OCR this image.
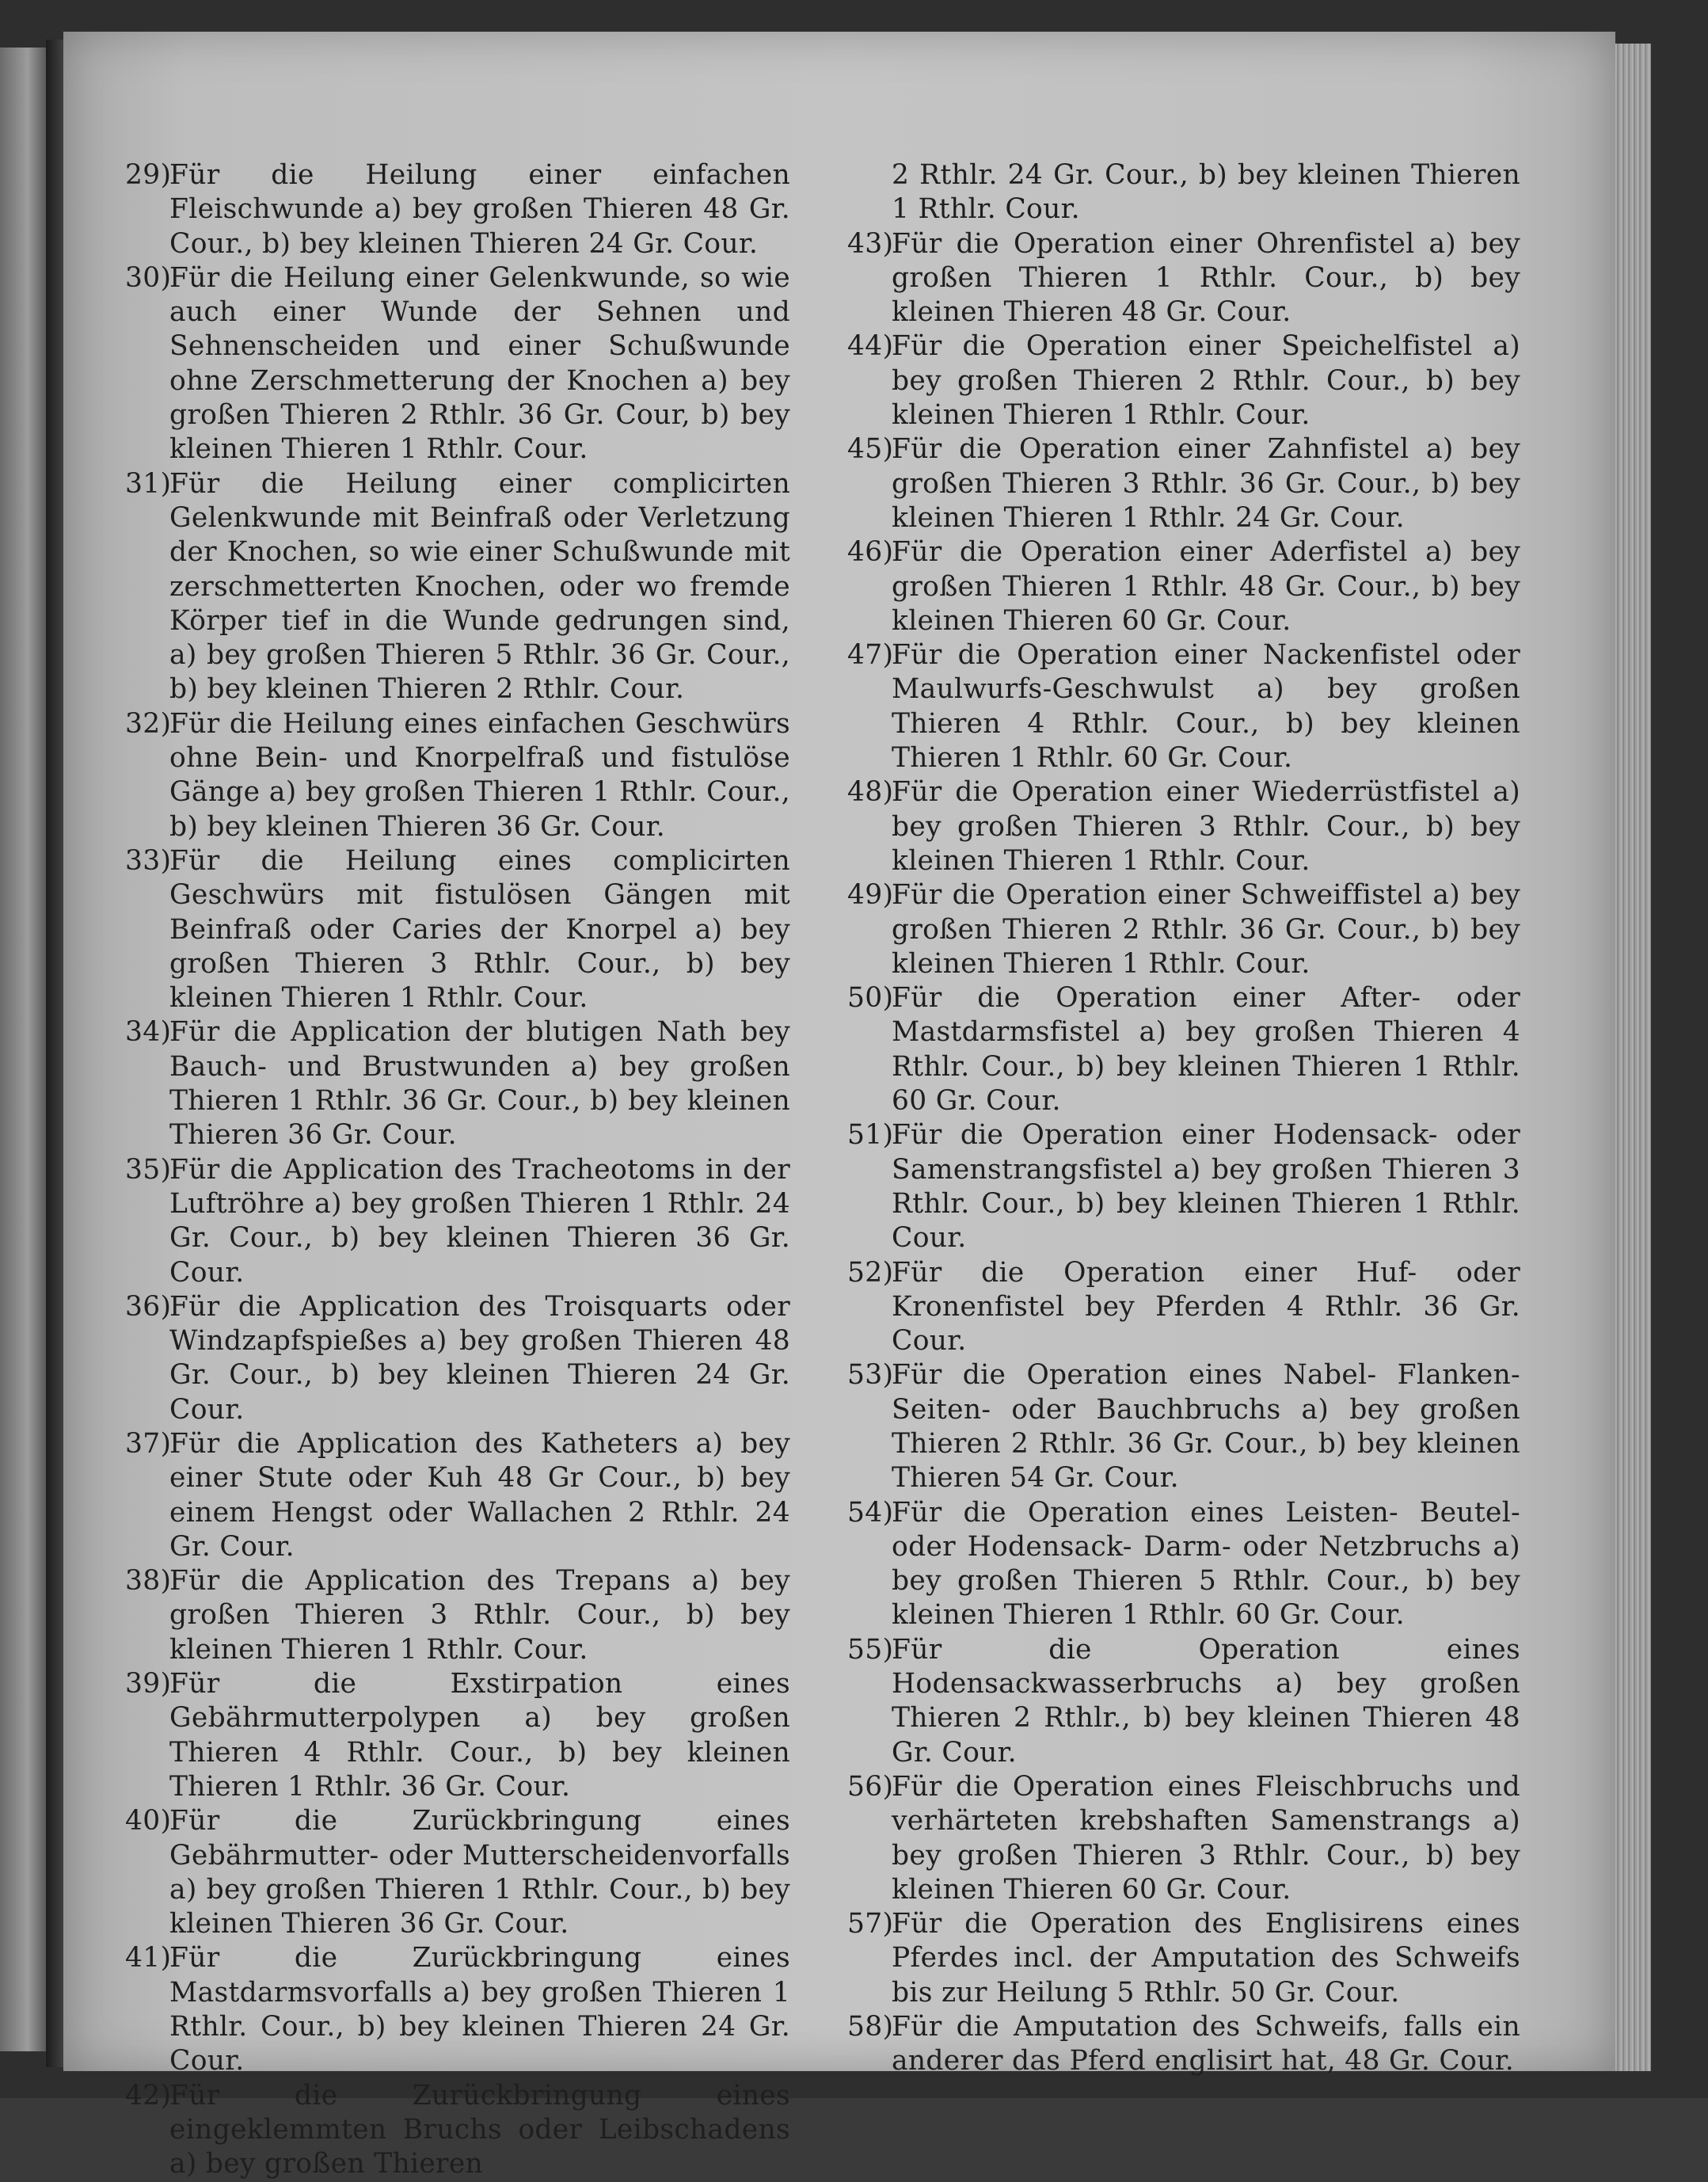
29)Für die Heilung einer einfachen Fleischwunde a) bey großen Thieren 48 Gr. Cour., b) bey kleinen Thieren 24 Gr. Cour.

30)Für die Heilung einer Gelenkwunde, so wie auch einer Wunde der Sehnen und Sehnenscheiden und einer Schußwunde ohne Zerschmetterung der Knochen a) bey großen Thieren 2 Rthlr. 36 Gr. Cour, b) bey kleinen Thieren 1 Rthlr. Cour.

31)Für die Heilung einer complicirten Gelenkwunde mit Beinfraß oder Verletzung der Knochen, so wie einer Schußwunde mit zerschmetterten Knochen, oder wo fremde Körper tief in die Wunde gedrungen sind, a) bey großen Thieren 5 Rthlr. 36 Gr. Cour., b) bey kleinen Thieren 2 Rthlr. Cour.

32)Für die Heilung eines einfachen Geschwürs ohne Bein- und Knorpelfraß und fistulöse Gänge a) bey großen Thieren 1 Rthlr. Cour., b) bey kleinen Thieren 36 Gr. Cour.

33)Für die Heilung eines complicirten Geschwürs mit fistulösen Gängen mit Beinfraß oder Caries der Knorpel a) bey großen Thieren 3 Rthlr. Cour., b) bey kleinen Thieren 1 Rthlr. Cour.

34)Für die Application der blutigen Nath bey Bauch- und Brustwunden a) bey großen Thieren 1 Rthlr. 36 Gr. Cour., b) bey kleinen Thieren 36 Gr. Cour.

35)Für die Application des Tracheotoms in der Luftröhre a) bey großen Thieren 1 Rthlr. 24 Gr. Cour., b) bey kleinen Thieren 36 Gr. Cour.

36)Für die Application des Troisquarts oder Windzapfspießes a) bey großen Thieren 48 Gr. Cour., b) bey kleinen Thieren 24 Gr. Cour.

37)Für die Application des Katheters a) bey einer Stute oder Kuh 48 Gr Cour., b) bey einem Hengst oder Wallachen 2 Rthlr. 24 Gr. Cour.

38)Für die Application des Trepans a) bey großen Thieren 3 Rthlr. Cour., b) bey kleinen Thieren 1 Rthlr. Cour.

39)Für die Exstirpation eines Gebährmutterpolypen a) bey großen Thieren 4 Rthlr. Cour., b) bey kleinen Thieren 1 Rthlr. 36 Gr. Cour.

40)Für die Zurückbringung eines Gebährmutter- oder Mutterscheidenvorfalls a) bey großen Thieren 1 Rthlr. Cour., b) bey kleinen Thieren 36 Gr. Cour.

41)Für die Zurückbringung eines Mastdarmsvorfalls a) bey großen Thieren 1 Rthlr. Cour., b) bey kleinen Thieren 24 Gr. Cour.

42)Für die Zurückbringung eines eingeklemmten Bruchs oder Leibschadens a) bey großen Thieren

2 Rthlr. 24 Gr. Cour., b) bey kleinen Thieren 1 Rthlr. Cour.

43)Für die Operation einer Ohrenfistel a) bey großen Thieren 1 Rthlr. Cour., b) bey kleinen Thieren 48 Gr. Cour.

44)Für die Operation einer Speichelfistel a) bey großen Thieren 2 Rthlr. Cour., b) bey kleinen Thieren 1 Rthlr. Cour.

45)Für die Operation einer Zahnfistel a) bey großen Thieren 3 Rthlr. 36 Gr. Cour., b) bey kleinen Thieren 1 Rthlr. 24 Gr. Cour.

46)Für die Operation einer Aderfistel a) bey großen Thieren 1 Rthlr. 48 Gr. Cour., b) bey kleinen Thieren 60 Gr. Cour.

47)Für die Operation einer Nackenfistel oder Maulwurfs-Geschwulst a) bey großen Thieren 4 Rthlr. Cour., b) bey kleinen Thieren 1 Rthlr. 60 Gr. Cour.

48)Für die Operation einer Wiederrüstfistel a) bey großen Thieren 3 Rthlr. Cour., b) bey kleinen Thieren 1 Rthlr. Cour.

49)Für die Operation einer Schweiffistel a) bey großen Thieren 2 Rthlr. 36 Gr. Cour., b) bey kleinen Thieren 1 Rthlr. Cour.

50)Für die Operation einer After- oder Mastdarmsfistel a) bey großen Thieren 4 Rthlr. Cour., b) bey kleinen Thieren 1 Rthlr. 60 Gr. Cour.

51)Für die Operation einer Hodensack- oder Samenstrangsfistel a) bey großen Thieren 3 Rthlr. Cour., b) bey kleinen Thieren 1 Rthlr. Cour.

52)Für die Operation einer Huf- oder Kronenfistel bey Pferden 4 Rthlr. 36 Gr. Cour.

53)Für die Operation eines Nabel- Flanken- Seiten- oder Bauchbruchs a) bey großen Thieren 2 Rthlr. 36 Gr. Cour., b) bey kleinen Thieren 54 Gr. Cour.

54)Für die Operation eines Leisten- Beutel- oder Hodensack- Darm- oder Netzbruchs a) bey großen Thieren 5 Rthlr. Cour., b) bey kleinen Thieren 1 Rthlr. 60 Gr. Cour.

55)Für die Operation eines Hodensackwasserbruchs a) bey großen Thieren 2 Rthlr., b) bey kleinen Thieren 48 Gr. Cour.

56)Für die Operation eines Fleischbruchs und verhärteten krebshaften Samenstrangs a) bey großen Thieren 3 Rthlr. Cour., b) bey kleinen Thieren 60 Gr. Cour.

57)Für die Operation des Englisirens eines Pferdes incl. der Amputation des Schweifs bis zur Heilung 5 Rthlr. 50 Gr. Cour.

58)Für die Amputation des Schweifs, falls ein anderer das Pferd englisirt hat, 48 Gr. Cour.
